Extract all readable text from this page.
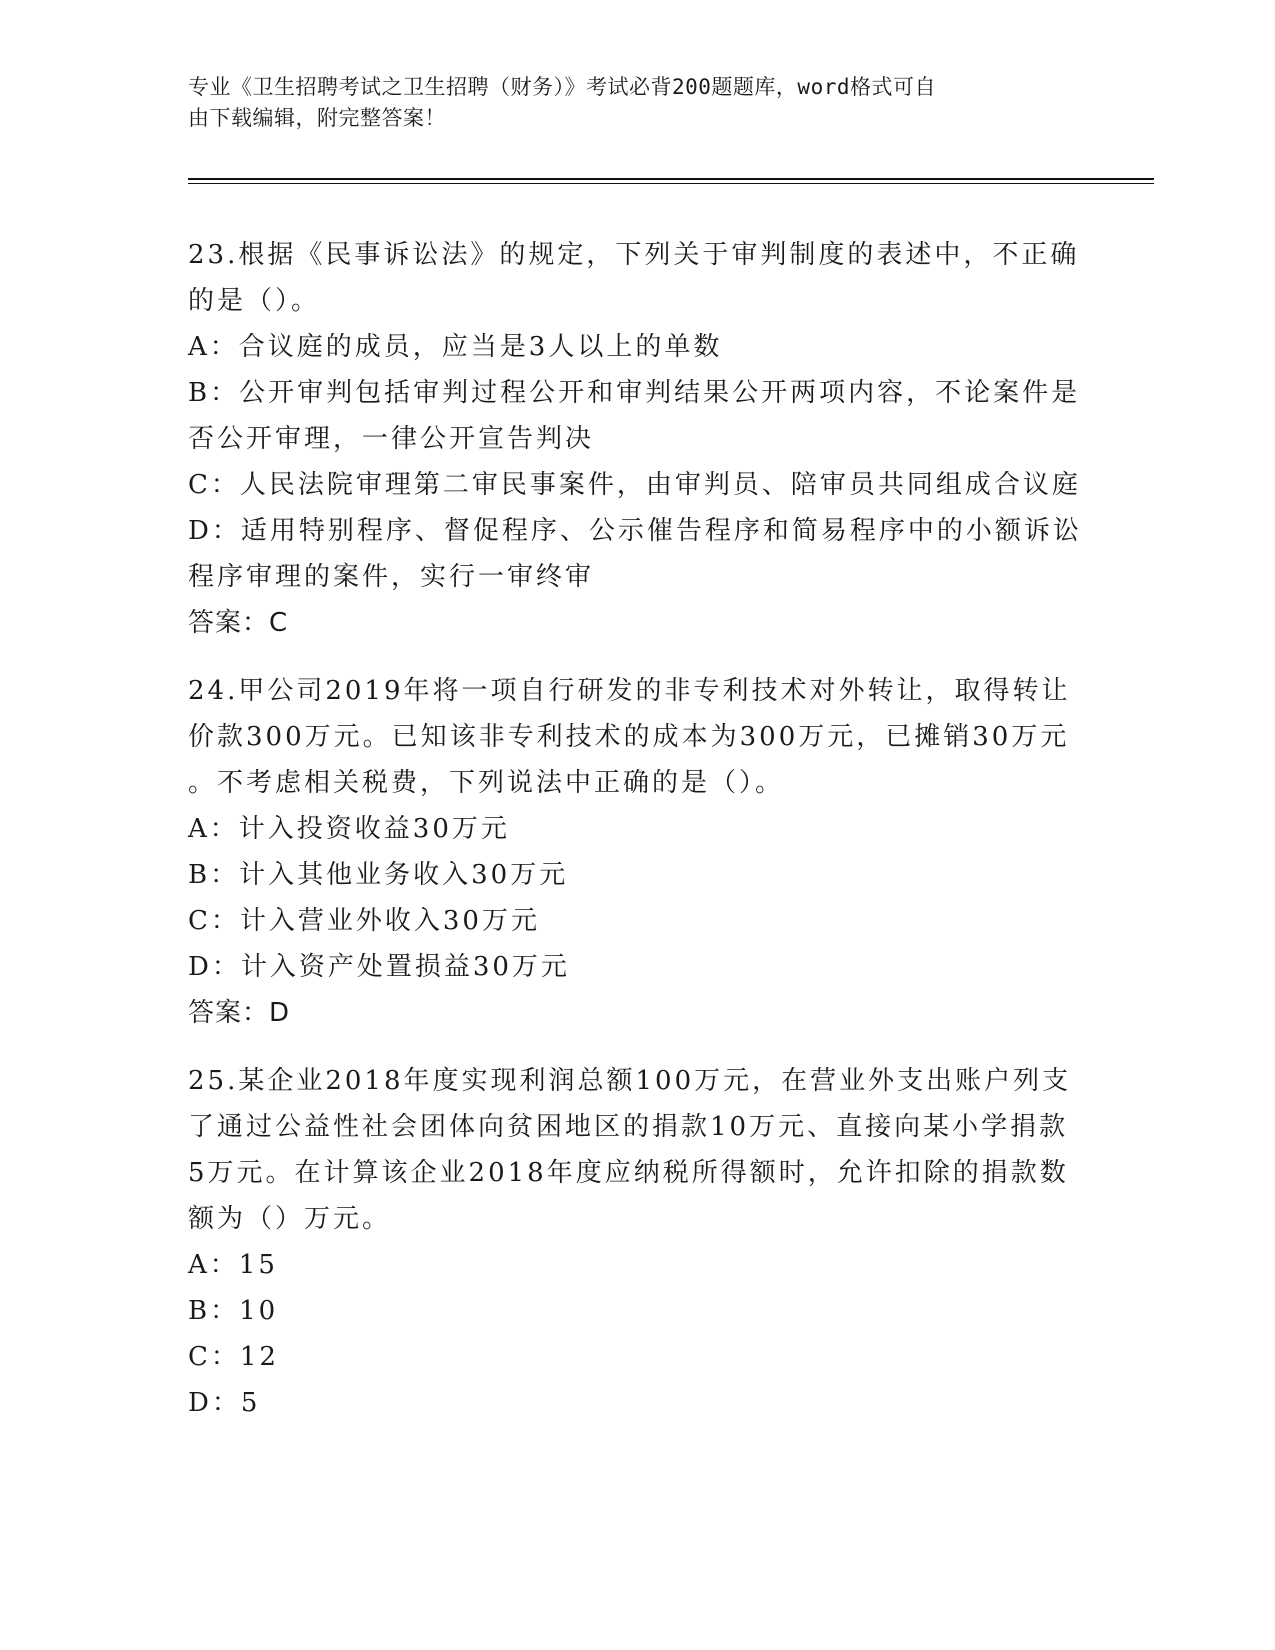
专业《卫生招聘考试之卫生招聘（财务）》考试必背200题题库，word格式可自
由下载编辑，附完整答案！
23.根据《民事诉讼法》的规定，下列关于审判制度的表述中，不正确
的是（）。
A：合议庭的成员，应当是3人以上的单数
B：公开审判包括审判过程公开和审判结果公开两项内容，不论案件是
否公开审理，一律公开宣告判决
C：人民法院审理第二审民事案件，由审判员、陪审员共同组成合议庭
D：适用特别程序、督促程序、公示催告程序和简易程序中的小额诉讼
程序审理的案件，实行一审终审
答案：C
24.甲公司2019年将一项自行研发的非专利技术对外转让，取得转让
价款300万元。已知该非专利技术的成本为300万元，已摊销30万元
。不考虑相关税费，下列说法中正确的是（）。
A：计入投资收益30万元
B：计入其他业务收入30万元
C：计入营业外收入30万元
D：计入资产处置损益30万元
答案：D
25.某企业2018年度实现利润总额100万元，在营业外支出账户列支
了通过公益性社会团体向贫困地区的捐款10万元、直接向某小学捐款
5万元。在计算该企业2018年度应纳税所得额时，允许扣除的捐款数
额为（）万元。
A：15
B：10
C：12
D：5
